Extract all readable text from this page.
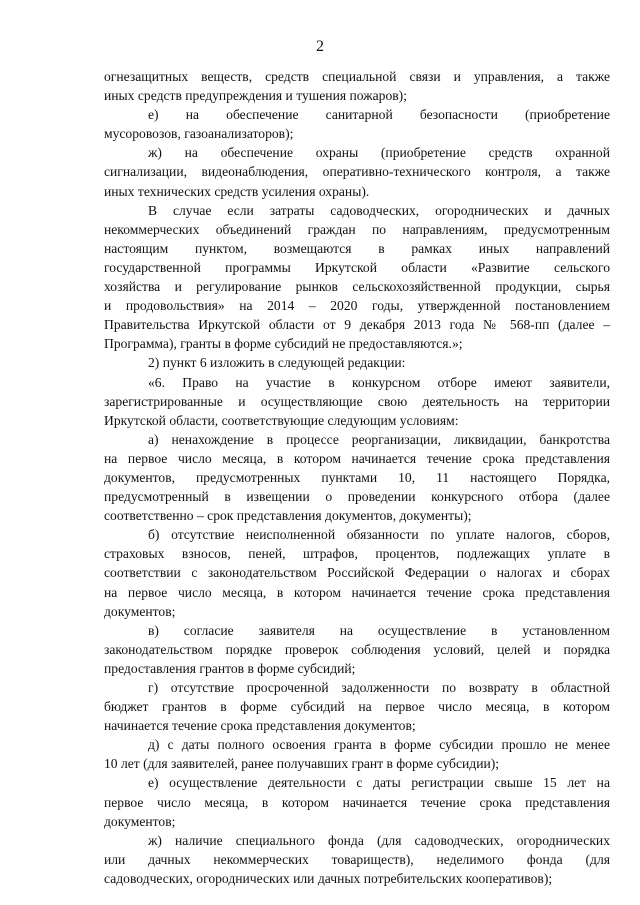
2
огнезащитных веществ, средств специальной связи и управления, а также
иных средств предупреждения и тушения пожаров);
е) на обеспечение санитарной безопасности (приобретение
мусоровозов, газоанализаторов);
ж) на обеспечение охраны (приобретение средств охранной
сигнализации, видеонаблюдения, оперативно-технического контроля, а также
иных технических средств усиления охраны).
В случае если затраты садоводческих, огороднических и дачных
некоммерческих объединений граждан по направлениям, предусмотренным
настоящим пунктом, возмещаются в рамках иных направлений
государственной программы Иркутской области «Развитие сельского
хозяйства и регулирование рынков сельскохозяйственной продукции, сырья
и продовольствия» на 2014 – 2020 годы, утвержденной постановлением
Правительства Иркутской области от 9 декабря 2013 года № 568-пп (далее –
Программа), гранты в форме субсидий не предоставляются.»;
2) пункт 6 изложить в следующей редакции:
«6. Право на участие в конкурсном отборе имеют заявители,
зарегистрированные и осуществляющие свою деятельность на территории
Иркутской области, соответствующие следующим условиям:
а) ненахождение в процессе реорганизации, ликвидации, банкротства
на первое число месяца, в котором начинается течение срока представления
документов, предусмотренных пунктами 10, 11 настоящего Порядка,
предусмотренный в извещении о проведении конкурсного отбора (далее
соответственно – срок представления документов, документы);
б) отсутствие неисполненной обязанности по уплате налогов, сборов,
страховых взносов, пеней, штрафов, процентов, подлежащих уплате в
соответствии с законодательством Российской Федерации о налогах и сборах
на первое число месяца, в котором начинается течение срока представления
документов;
в) согласие заявителя на осуществление в установленном
законодательством порядке проверок соблюдения условий, целей и порядка
предоставления грантов в форме субсидий;
г) отсутствие просроченной задолженности по возврату в областной
бюджет грантов в форме субсидий на первое число месяца, в котором
начинается течение срока представления документов;
д) с даты полного освоения гранта в форме субсидии прошло не менее
10 лет (для заявителей, ранее получавших грант в форме субсидии);
е) осуществление деятельности с даты регистрации свыше 15 лет на
первое число месяца, в котором начинается течение срока представления
документов;
ж) наличие специального фонда (для садоводческих, огороднических
или дачных некоммерческих товариществ), неделимого фонда (для
садоводческих, огороднических или дачных потребительских кооперативов);
